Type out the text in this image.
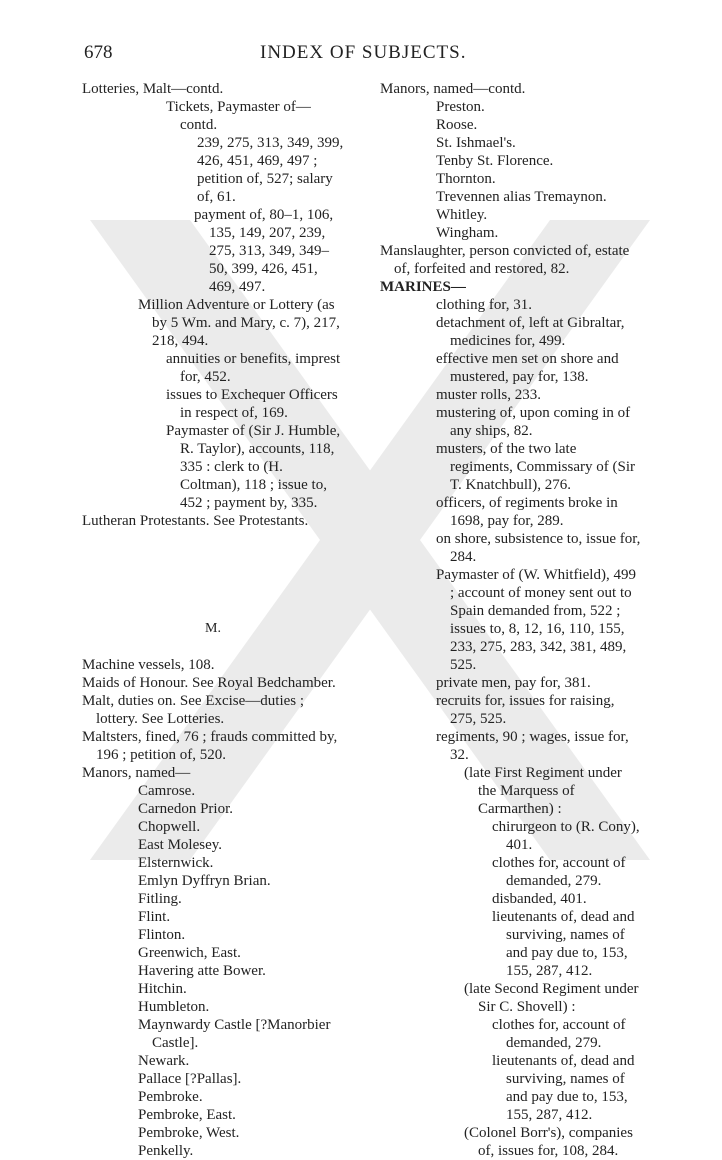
678	INDEX OF SUBJECTS.
Lotteries, Malt—contd.
Tickets, Paymaster of—contd.
239, 275, 313, 349, 399, 426, 451, 469, 497 ; petition of, 527; salary of, 61.
payment of, 80–1, 106, 135, 149, 207, 239, 275, 313, 349, 349–50, 399, 426, 451, 469, 497.
Million Adventure or Lottery (as by 5 Wm. and Mary, c. 7), 217, 218, 494.
annuities or benefits, imprest for, 452.
issues to Exchequer Officers in respect of, 169.
Paymaster of (Sir J. Humble, R. Taylor), accounts, 118, 335 : clerk to (H. Coltman), 118 ; issue to, 452 ; payment by, 335.
Lutheran Protestants. See Protestants.
M.
Machine vessels, 108.
Maids of Honour. See Royal Bedchamber.
Malt, duties on. See Excise—duties ; lottery. See Lotteries.
Maltsters, fined, 76 ; frauds committed by, 196 ; petition of, 520.
Manors, named—
Camrose.
Carnedon Prior.
Chopwell.
East Molesey.
Elsternwick.
Emlyn Dyffryn Brian.
Fitling.
Flint.
Flinton.
Greenwich, East.
Havering atte Bower.
Hitchin.
Humbleton.
Maynwardy Castle [?Manorbier Castle].
Newark.
Pallace [?Pallas].
Pembroke.
Pembroke, East.
Pembroke, West.
Penkelly.
Manors, named—contd.
Preston.
Roose.
St. Ishmael's.
Tenby St. Florence.
Thornton.
Trevennen alias Tremaynon.
Whitley.
Wingham.
Manslaughter, person convicted of, estate of, forfeited and restored, 82.
MARINES—
clothing for, 31.
detachment of, left at Gibraltar, medicines for, 499.
effective men set on shore and mustered, pay for, 138.
muster rolls, 233.
mustering of, upon coming in of any ships, 82.
musters, of the two late regiments, Commissary of (Sir T. Knatchbull), 276.
officers, of regiments broke in 1698, pay for, 289.
on shore, subsistence to, issue for, 284.
Paymaster of (W. Whitfield), 499 ; account of money sent out to Spain demanded from, 522 ; issues to, 8, 12, 16, 110, 155, 233, 275, 283, 342, 381, 489, 525.
private men, pay for, 381.
recruits for, issues for raising, 275, 525.
regiments, 90 ; wages, issue for, 32.
(late First Regiment under the Marquess of Carmarthen) :
chirurgeon to (R. Cony), 401.
clothes for, account of demanded, 279.
disbanded, 401.
lieutenants of, dead and surviving, names of and pay due to, 153, 155, 287, 412.
(late Second Regiment under Sir C. Shovell) :
clothes for, account of demanded, 279.
lieutenants of, dead and surviving, names of and pay due to, 153, 155, 287, 412.
(Colonel Borr's), companies of, issues for, 108, 284.
